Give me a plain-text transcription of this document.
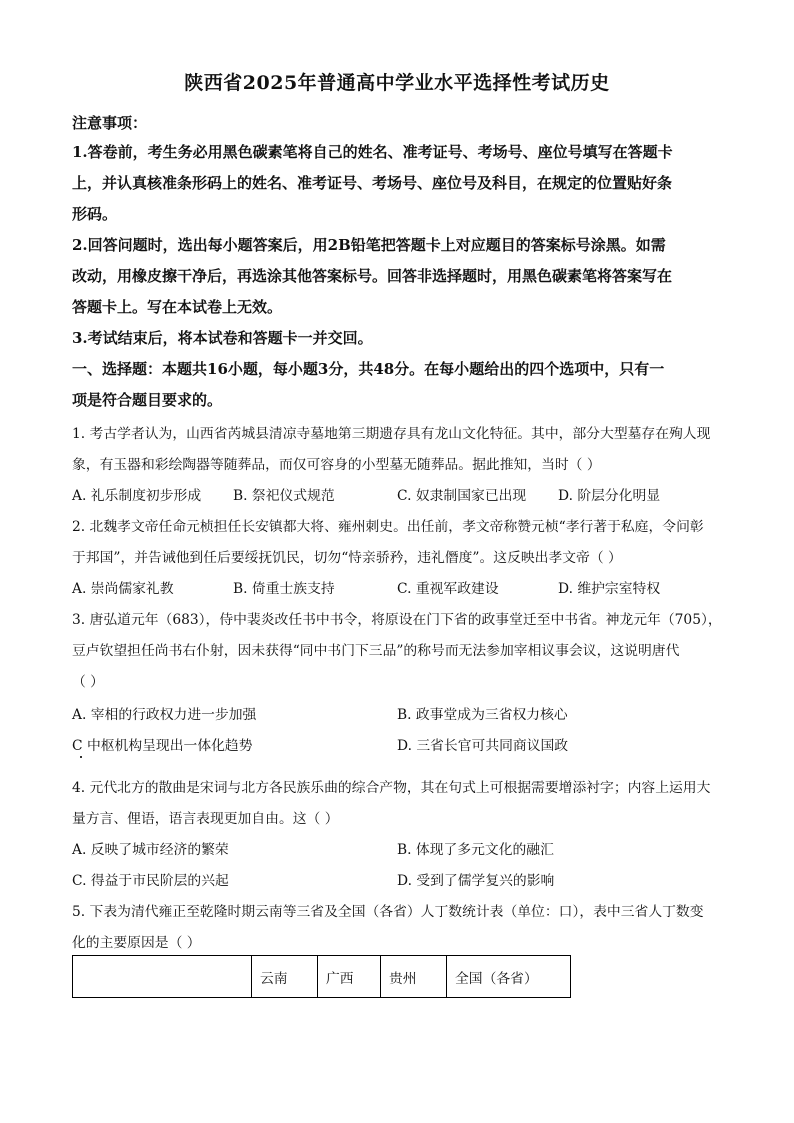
陕西省2025年普通高中学业水平选择性考试历史
注意事项：
1.答卷前，考生务必用黑色碳素笔将自己的姓名、准考证号、考场号、座位号填写在答题卡
上，并认真核准条形码上的姓名、准考证号、考场号、座位号及科目，在规定的位置贴好条
形码。
2.回答问题时，选出每小题答案后，用2B铅笔把答题卡上对应题目的答案标号涂黑。如需
改动，用橡皮擦干净后，再选涂其他答案标号。回答非选择题时，用黑色碳素笔将答案写在
答题卡上。写在本试卷上无效。
3.考试结束后，将本试卷和答题卡一并交回。
一、选择题：本题共16小题，每小题3分，共48分。在每小题给出的四个选项中，只有一
项是符合题目要求的。
1. 考古学者认为，山西省芮城县清凉寺墓地第三期遗存具有龙山文化特征。其中，部分大型墓存在殉人现
象，有玉器和彩绘陶器等随葬品，而仅可容身的小型墓无随葬品。据此推知，当时（ ）
A. 礼乐制度初步形成 B. 祭祀仪式规范	C. 奴隶制国家已出现 D. 阶层分化明显
2. 北魏孝文帝任命元桢担任长安镇都大将、雍州刺史。出任前，孝文帝称赞元桢“孝行著于私庭，令问彰
于邦国”，并告诫他到任后要绥抚饥民，切勿“恃亲骄矜，违礼僭度”。这反映出孝文帝（ ）
A. 崇尚儒家礼教	B. 倚重士族支持	C. 重视军政建设	D. 维护宗室特权
3. 唐弘道元年（683），侍中裴炎改任书中书令，将原设在门下省的政事堂迁至中书省。神龙元年（705），
豆卢钦望担任尚书右仆射，因未获得“同中书门下三品”的称号而无法参加宰相议事会议，这说明唐代
（ ）
A. 宰相的行政权力进一步加强	B. 政事堂成为三省权力核心
C 中枢机构呈现出一体化趋势	D. 三省长官可共同商议国政
4. 元代北方的散曲是宋词与北方各民族乐曲的综合产物，其在句式上可根据需要增添衬字；内容上运用大
量方言、俚语，语言表现更加自由。这（ ）
A. 反映了城市经济的繁荣	B. 体现了多元文化的融汇
C. 得益于市民阶层的兴起	D. 受到了儒学复兴的影响
5. 下表为清代雍正至乾隆时期云南等三省及全国（各省）人丁数统计表（单位：口），表中三省人丁数变
化的主要原因是（ ）
	云南	广西	贵州	全国（各省）
